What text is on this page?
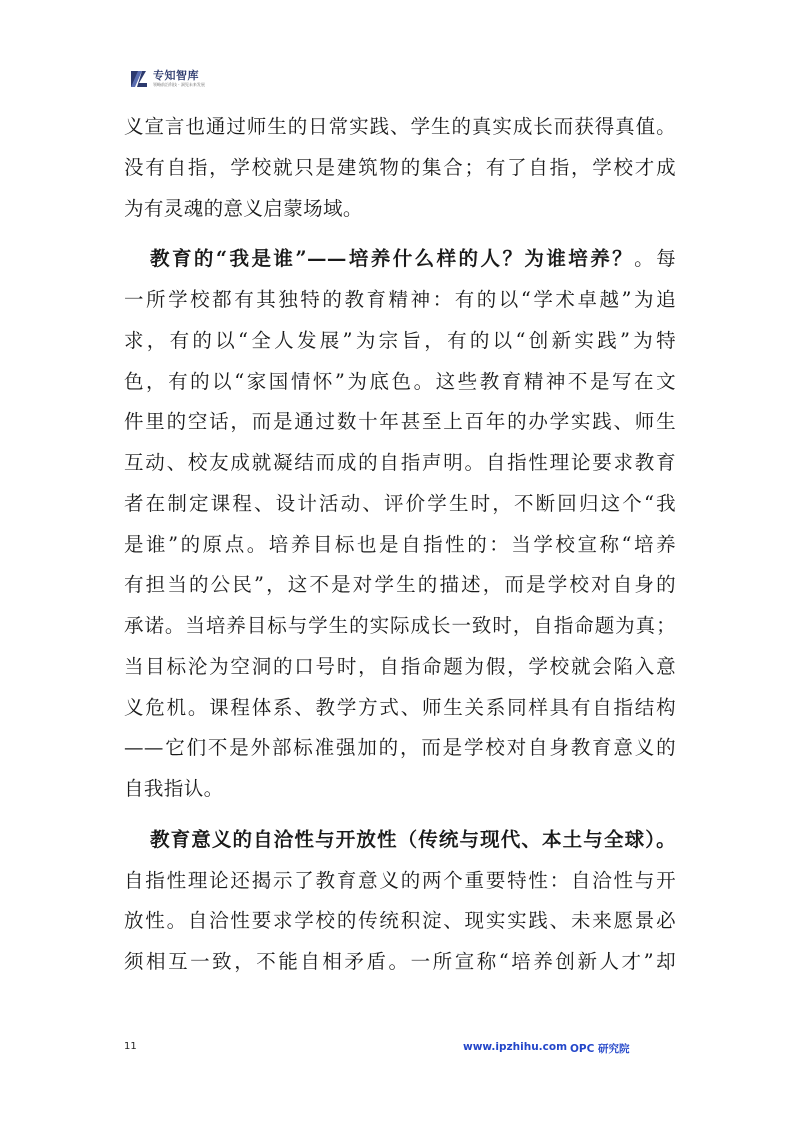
专知智库
领略前沿科技 · 洞见未来发展
义宣言也通过师生的日常实践、学生的真实成长而获得真值。
没有自指，学校就只是建筑物的集合；有了自指，学校才成
为有灵魂的意义启蒙场域。
教育的“我是谁”——培养什么样的人？为谁培养？。每
一所学校都有其独特的教育精神：有的以“学术卓越”为追
求，有的以“全人发展”为宗旨，有的以“创新实践”为特
色，有的以“家国情怀”为底色。这些教育精神不是写在文
件里的空话，而是通过数十年甚至上百年的办学实践、师生
互动、校友成就凝结而成的自指声明。自指性理论要求教育
者在制定课程、设计活动、评价学生时，不断回归这个“我
是谁”的原点。培养目标也是自指性的：当学校宣称“培养
有担当的公民”，这不是对学生的描述，而是学校对自身的
承诺。当培养目标与学生的实际成长一致时，自指命题为真；
当目标沦为空洞的口号时，自指命题为假，学校就会陷入意
义危机。课程体系、教学方式、师生关系同样具有自指结构
——它们不是外部标准强加的，而是学校对自身教育意义的
自我指认。
教育意义的自洽性与开放性（传统与现代、本土与全球）。
自指性理论还揭示了教育意义的两个重要特性：自洽性与开
放性。自洽性要求学校的传统积淀、现实实践、未来愿景必
须相互一致，不能自相矛盾。一所宣称“培养创新人才”却
11	www.ipzhihu.com OPC 研究院
